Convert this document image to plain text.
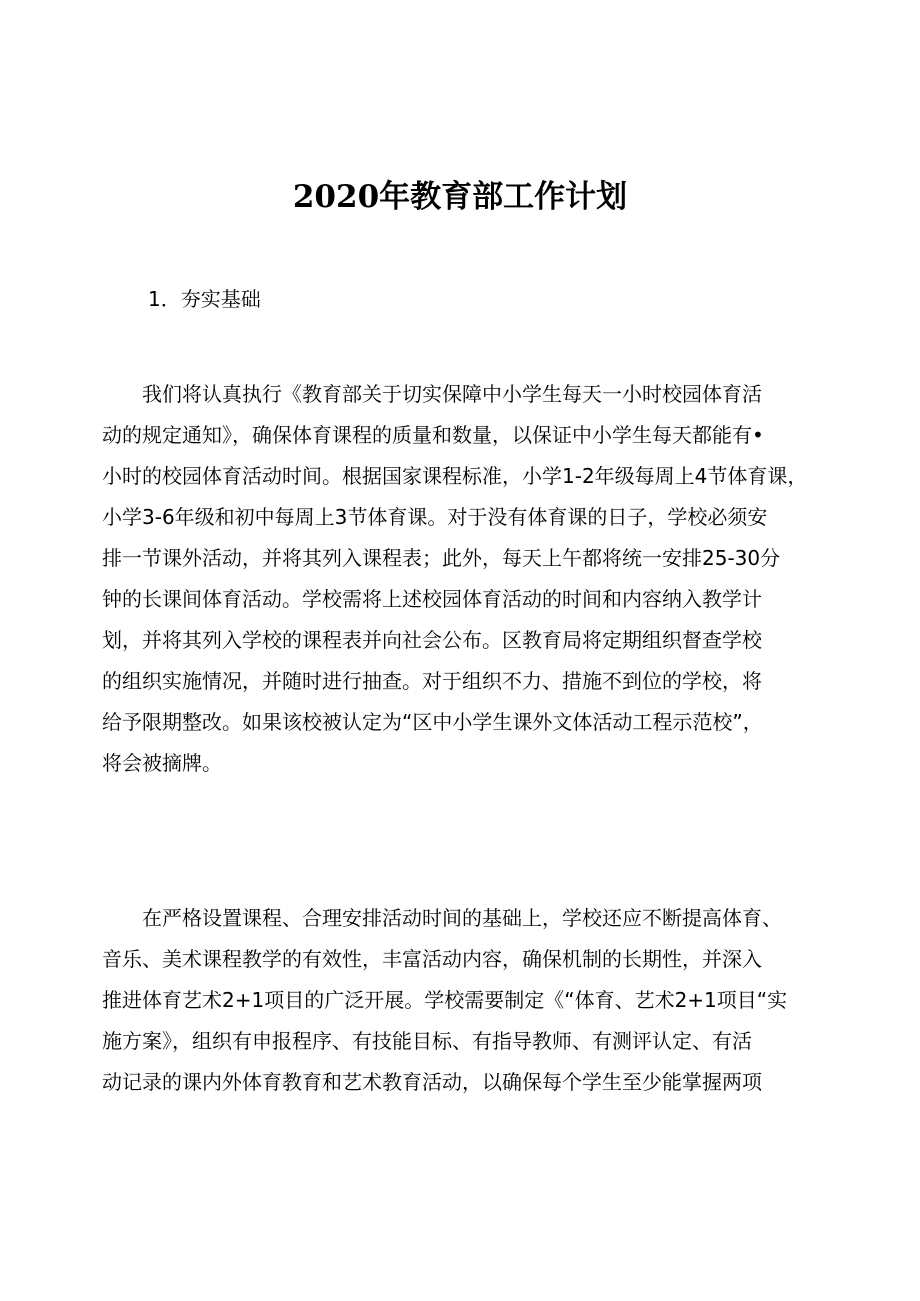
2020年教育部工作计划
1．夯实基础
　　我们将认真执行《教育部关于切实保障中小学生每天一小时校园体育活
动的规定通知》，确保体育课程的质量和数量，以保证中小学生每天都能有•
小时的校园体育活动时间。根据国家课程标准，小学1-2年级每周上4节体育课，
小学3-6年级和初中每周上3节体育课。对于没有体育课的日子，学校必须安
排一节课外活动，并将其列入课程表；此外，每天上午都将统一安排25-30分
钟的长课间体育活动。学校需将上述校园体育活动的时间和内容纳入教学计
划，并将其列入学校的课程表并向社会公布。区教育局将定期组织督查学校
的组织实施情况，并随时进行抽查。对于组织不力、措施不到位的学校，将
给予限期整改。如果该校被认定为“区中小学生课外文体活动工程示范校”，
将会被摘牌。
　　在严格设置课程、合理安排活动时间的基础上，学校还应不断提高体育、
音乐、美术课程教学的有效性，丰富活动内容，确保机制的长期性，并深入
推进体育艺术2+1项目的广泛开展。学校需要制定《“体育、艺术2+1项目“实
施方案》，组织有申报程序、有技能目标、有指导教师、有测评认定、有活
动记录的课内外体育教育和艺术教育活动，以确保每个学生至少能掌握两项
